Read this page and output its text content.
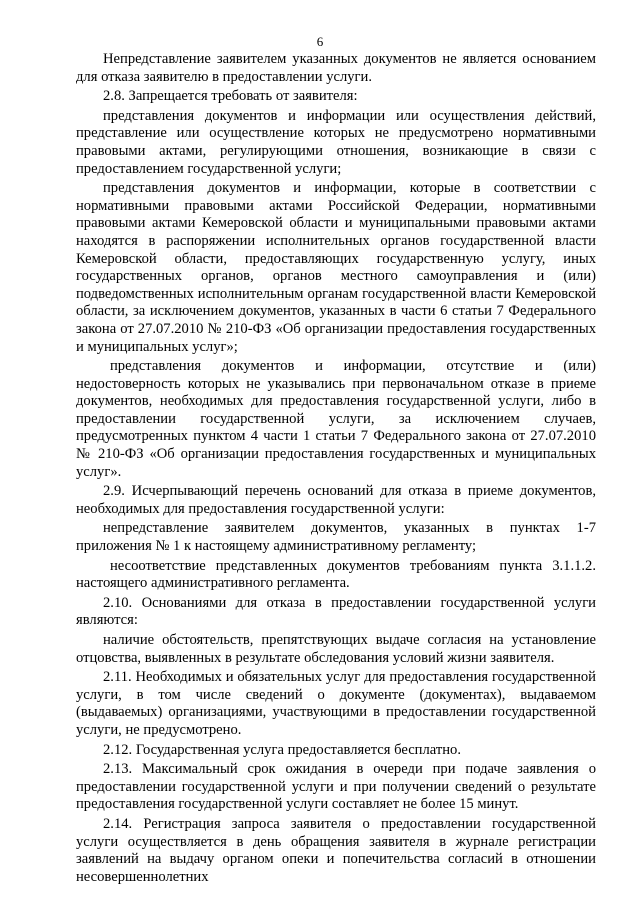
6

Непредставление заявителем указанных документов не является основанием для отказа заявителю в предоставлении услуги.

2.8. Запрещается требовать от заявителя:

представления документов и информации или осуществления действий, представление или осуществление которых не предусмотрено нормативными правовыми актами, регулирующими отношения, возникающие в связи с предоставлением государственной услуги;

представления документов и информации, которые в соответствии с нормативными правовыми актами Российской Федерации, нормативными правовыми актами Кемеровской области и муниципальными правовыми актами находятся в распоряжении исполнительных органов государственной власти Кемеровской области, предоставляющих государственную услугу, иных государственных органов, органов местного самоуправления и (или) подведомственных исполнительным органам государственной власти Кемеровской области, за исключением документов, указанных в части 6 статьи 7 Федерального закона от 27.07.2010 № 210-ФЗ «Об организации предоставления государственных и муниципальных услуг»;

представления документов и информации, отсутствие и (или) недостоверность которых не указывались при первоначальном отказе в приеме документов, необходимых для предоставления государственной услуги, либо в предоставлении государственной услуги, за исключением случаев, предусмотренных пунктом 4 части 1 статьи 7 Федерального закона от 27.07.2010 № 210-ФЗ «Об организации предоставления государственных и муниципальных услуг».

2.9. Исчерпывающий перечень оснований для отказа в приеме документов, необходимых для предоставления государственной услуги:

непредставление заявителем документов, указанных в пунктах 1-7 приложения № 1 к настоящему административному регламенту;

несоответствие представленных документов требованиям пункта 3.1.1.2. настоящего административного регламента.

2.10. Основаниями для отказа в предоставлении государственной услуги являются:

наличие обстоятельств, препятствующих выдаче согласия на установление отцовства, выявленных в результате обследования условий жизни заявителя.

2.11. Необходимых и обязательных услуг для предоставления государственной услуги, в том числе сведений о документе (документах), выдаваемом (выдаваемых) организациями, участвующими в предоставлении государственной услуги, не предусмотрено.

2.12. Государственная услуга предоставляется бесплатно.

2.13. Максимальный срок ожидания в очереди при подаче заявления о предоставлении государственной услуги и при получении сведений о результате предоставления государственной услуги составляет не более 15 минут.

2.14. Регистрация запроса заявителя о предоставлении государственной услуги осуществляется в день обращения заявителя в журнале регистрации заявлений на выдачу органом опеки и попечительства согласий в отношении несовершеннолетних
